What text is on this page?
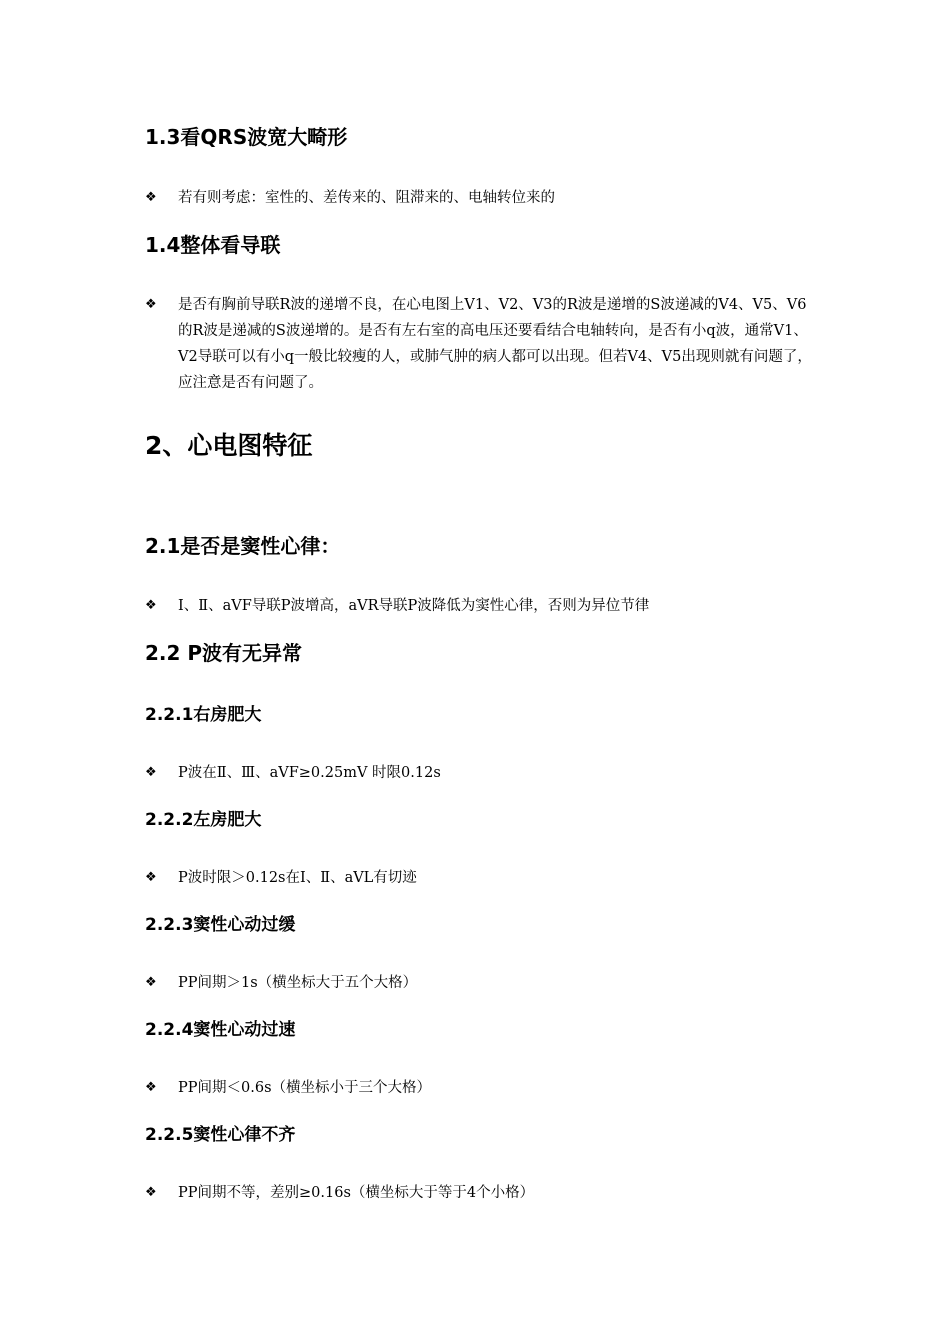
1.3看QRS波宽大畸形
❖	若有则考虑：室性的、差传来的、阻滞来的、电轴转位来的
1.4整体看导联
❖	是否有胸前导联R波的递增不良，在心电图上V1、V2、V3的R波是递增的S波递减的V4、V5、V6的R波是递减的S波递增的。是否有左右室的高电压还要看结合电轴转向，是否有小q波，通常V1、V2导联可以有小q一般比较瘦的人，或肺气肿的病人都可以出现。但若V4、V5出现则就有问题了，应注意是否有问题了。
2、心电图特征
2.1是否是窦性心律：
❖	Ⅰ、Ⅱ、aVF导联P波增高，aVR导联P波降低为窦性心律，否则为异位节律
2.2 P波有无异常
2.2.1右房肥大
❖	P波在Ⅱ、Ⅲ、aVF≥0.25mV 时限0.12s
2.2.2左房肥大
❖	P波时限＞0.12s在Ⅰ、Ⅱ、aVL有切迹
2.2.3窦性心动过缓
❖	PP间期＞1s（横坐标大于五个大格）
2.2.4窦性心动过速
❖	PP间期＜0.6s（横坐标小于三个大格）
2.2.5窦性心律不齐
❖	PP间期不等，差别≥0.16s（横坐标大于等于4个小格）
